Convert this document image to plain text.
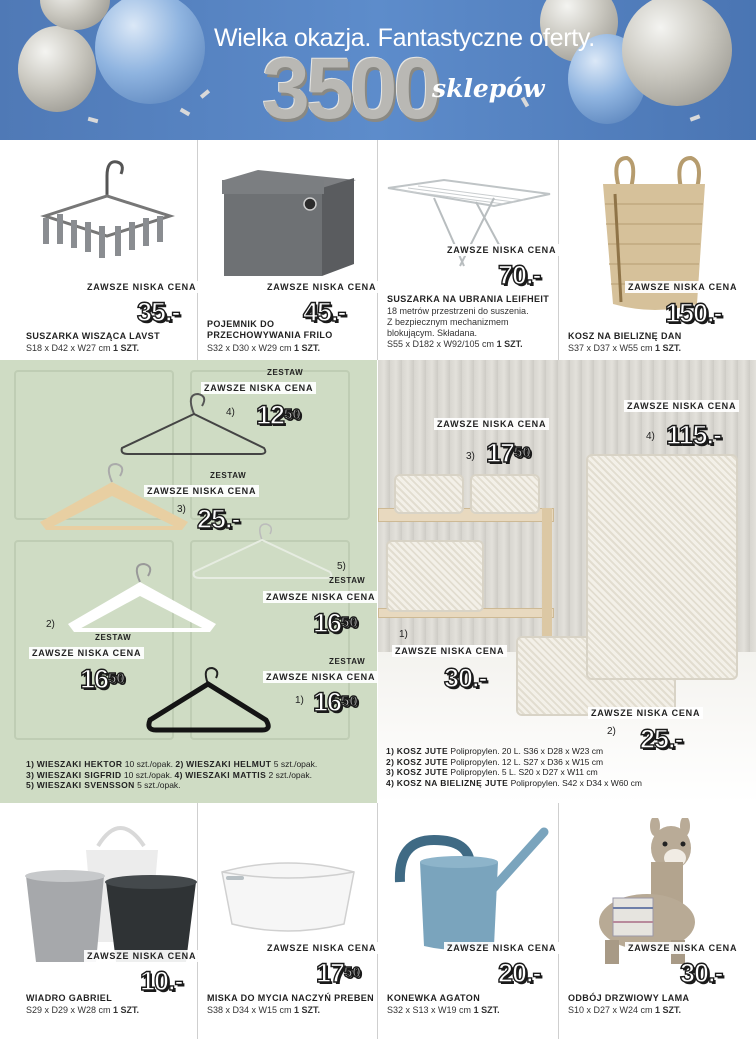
Wielka okazja. Fantastyczne oferty.
3500
sklepów
ZAWSZE NISKA CENA
35.-
SUSZARKA WISZĄCA LAVST
S18 x D42 x W27 cm 1 SZT.
ZAWSZE NISKA CENA
45.-
POJEMNIK DO
PRZECHOWYWANIA FRILO
S32 x D30 x W29 cm 1 SZT.
ZAWSZE NISKA CENA
70.-
SUSZARKA NA UBRANIA LEIFHEIT
18 metrów przestrzeni do suszenia.
Z bezpiecznym mechanizmem
blokującym. Składana.
S55 x D182 x W92/105 cm 1 SZT.
ZAWSZE NISKA CENA
150.-
KOSZ NA BIELIZNĘ DAN
S37 x D37 x W55 cm 1 SZT.
ZESTAW
ZAWSZE NISKA CENA
4) $12^{50}$
ZESTAW
ZAWSZE NISKA CENA
3) 25.-
5)
ZESTAW
ZAWSZE NISKA CENA
$16^{50}$
2)
ZESTAW
ZAWSZE NISKA CENA
$16^{50}$
ZESTAW
ZAWSZE NISKA CENA
1) $16^{50}$
1) WIESZAKI HEKTOR 10 szt./opak. 2) WIESZAKI HELMUT 5 szt./opak.
3) WIESZAKI SIGFRID 10 szt./opak. 4) WIESZAKI MATTIS 2 szt./opak.
5) WIESZAKI SVENSSON 5 szt./opak.
ZAWSZE NISKA CENA
4) 115.-
ZAWSZE NISKA CENA
3) $17^{50}$
1)
ZAWSZE NISKA CENA
30.-
ZAWSZE NISKA CENA
2) 25.-
1) KOSZ JUTE Polipropylen. 20 L. S36 x D28 x W23 cm
2) KOSZ JUTE Polipropylen. 12 L. S27 x D36 x W15 cm
3) KOSZ JUTE Polipropylen. 5 L. S20 x D27 x W11 cm
4) KOSZ NA BIELIZNĘ JUTE Polipropylen. S42 x D34 x W60 cm
ZAWSZE NISKA CENA
10.-
WIADRO GABRIEL
S29 x D29 x W28 cm 1 SZT.
ZAWSZE NISKA CENA
$17^{50}$
MISKA DO MYCIA NACZYŃ PREBEN
S38 x D34 x W15 cm 1 SZT.
ZAWSZE NISKA CENA
20.-
KONEWKA AGATON
S32 x S13 x W19 cm 1 SZT.
ZAWSZE NISKA CENA
30.-
ODBÓJ DRZWIOWY LAMA
S10 x D27 x W24 cm 1 SZT.
